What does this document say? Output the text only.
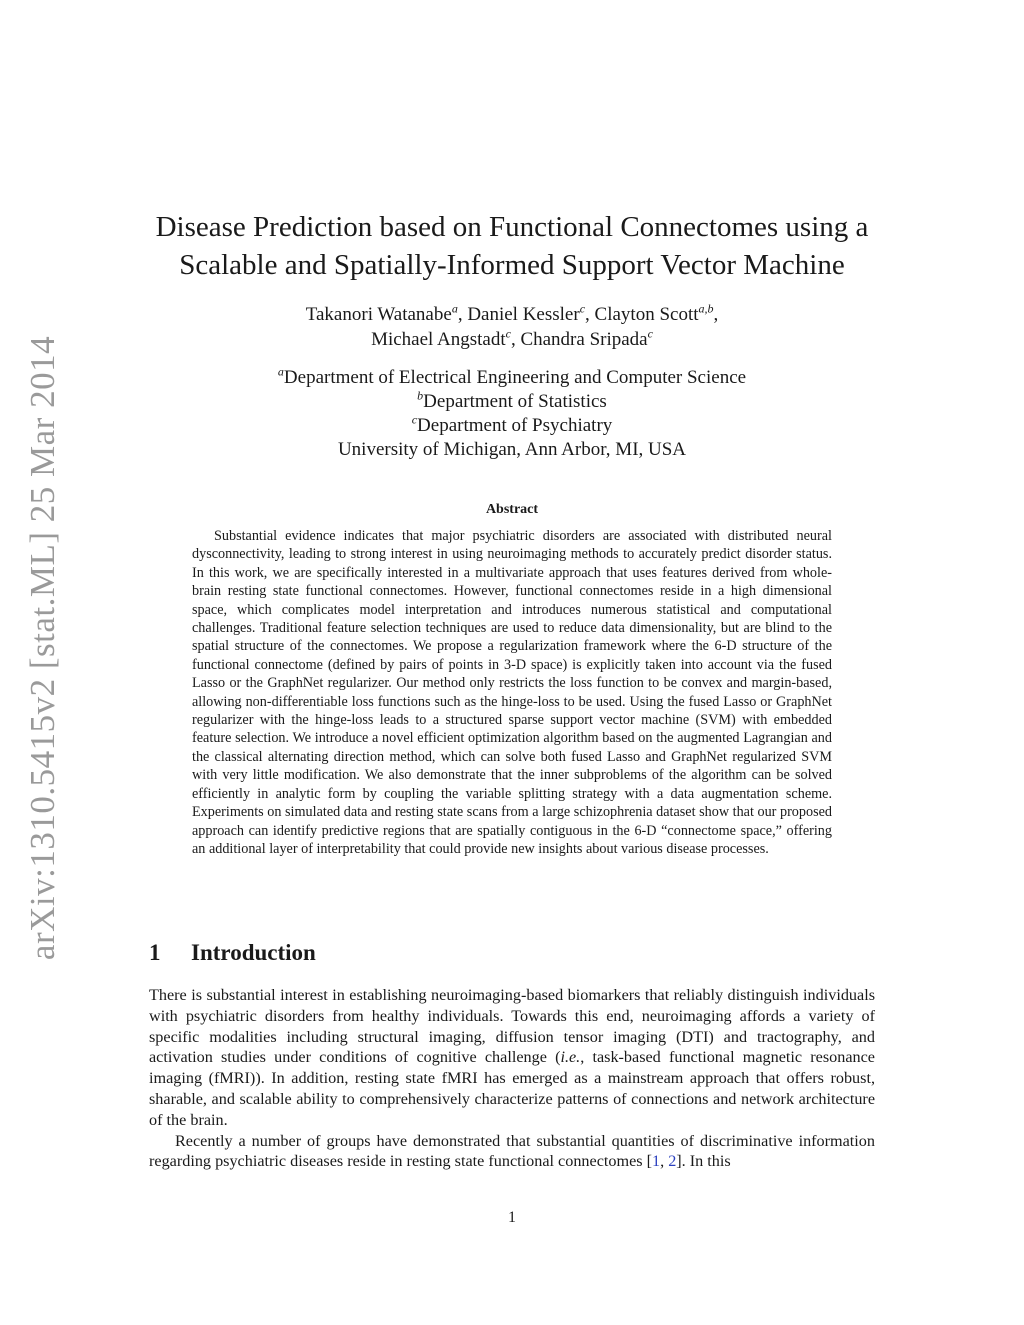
arXiv:1310.5415v2 [stat.ML] 25 Mar 2014
Disease Prediction based on Functional Connectomes using a Scalable and Spatially-Informed Support Vector Machine
Takanori Watanabe$^a$, Daniel Kessler$^c$, Clayton Scott$^{a,b}$,
Michael Angstadt$^c$, Chandra Sripada$^c$
$^a$Department of Electrical Engineering and Computer Science
$^b$Department of Statistics
$^c$Department of Psychiatry
University of Michigan, Ann Arbor, MI, USA
Abstract

Substantial evidence indicates that major psychiatric disorders are associated with distributed neural dysconnectivity, leading to strong interest in using neuroimaging methods to accurately predict disorder status. In this work, we are specifically interested in a multivariate approach that uses features derived from whole-brain resting state functional connectomes. However, functional connectomes reside in a high dimensional space, which complicates model interpretation and introduces numerous statistical and computational challenges. Traditional feature selection techniques are used to reduce data dimensionality, but are blind to the spatial structure of the connectomes. We propose a regularization framework where the 6-D structure of the functional connectome (defined by pairs of points in 3-D space) is explicitly taken into account via the fused Lasso or the GraphNet regularizer. Our method only restricts the loss function to be convex and margin-based, allowing non-differentiable loss functions such as the hinge-loss to be used. Using the fused Lasso or GraphNet regularizer with the hinge-loss leads to a structured sparse support vector machine (SVM) with embedded feature selection. We introduce a novel efficient optimization algorithm based on the augmented Lagrangian and the classical alternating direction method, which can solve both fused Lasso and GraphNet regularized SVM with very little modification. We also demonstrate that the inner subproblems of the algorithm can be solved efficiently in analytic form by coupling the variable splitting strategy with a data augmentation scheme. Experiments on simulated data and resting state scans from a large schizophrenia dataset show that our proposed approach can identify predictive regions that are spatially contiguous in the 6-D “connectome space,” offering an additional layer of interpretability that could provide new insights about various disease processes.

1 Introduction

There is substantial interest in establishing neuroimaging-based biomarkers that reliably distinguish individuals with psychiatric disorders from healthy individuals. Towards this end, neuroimaging affords a variety of specific modalities including structural imaging, diffusion tensor imaging (DTI) and tractography, and activation studies under conditions of cognitive challenge (i.e., task-based functional magnetic resonance imaging (fMRI)). In addition, resting state fMRI has emerged as a mainstream approach that offers robust, sharable, and scalable ability to comprehensively characterize patterns of connections and network architecture of the brain.

Recently a number of groups have demonstrated that substantial quantities of discriminative information regarding psychiatric diseases reside in resting state functional connectomes [1, 2]. In this

1
